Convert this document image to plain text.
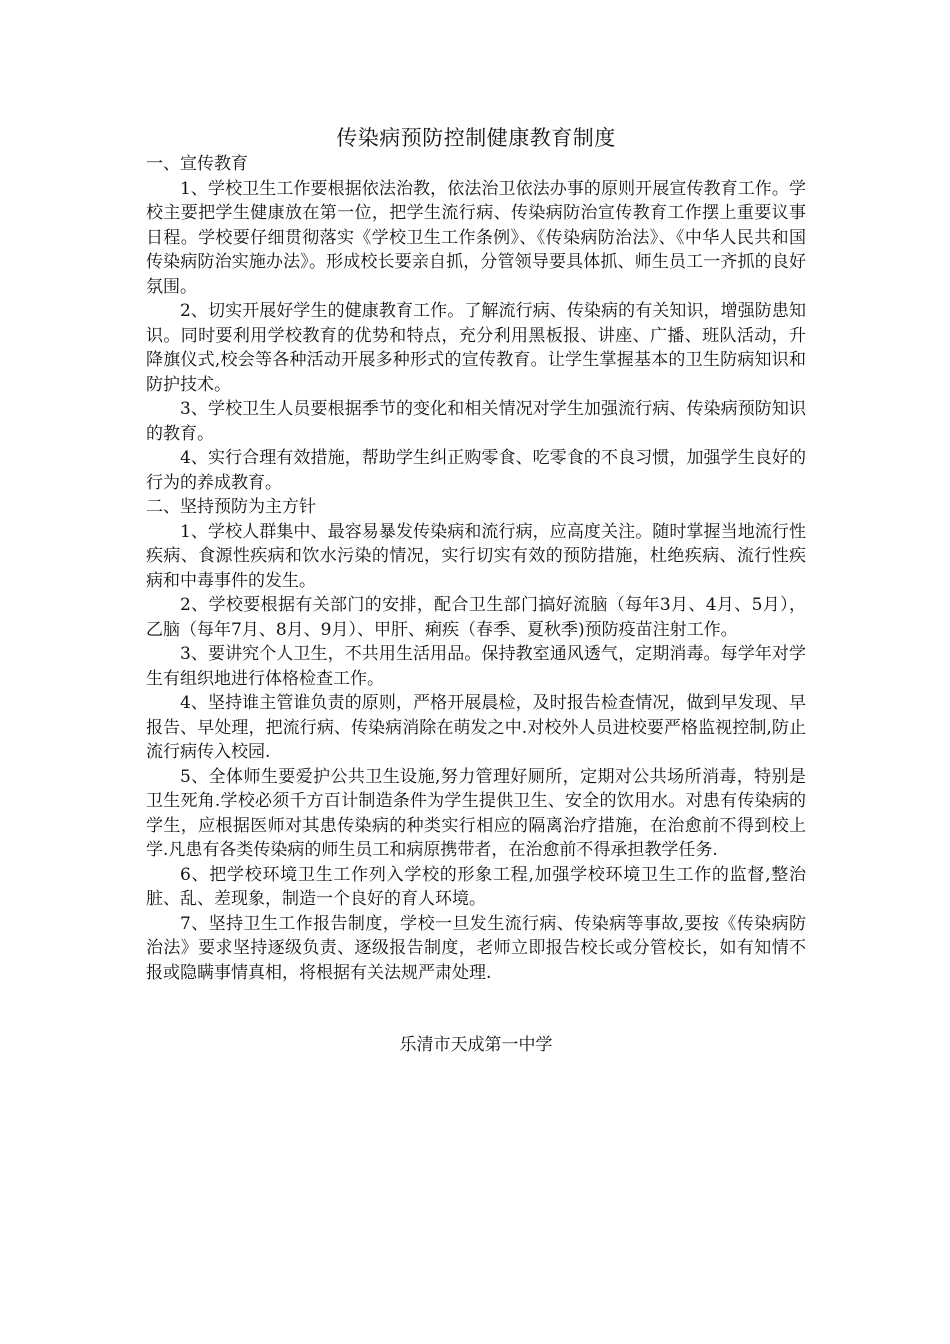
传染病预防控制健康教育制度

一、宣传教育

1、学校卫生工作要根据依法治教，依法治卫依法办事的原则开展宣传教育工作。学校主要把学生健康放在第一位，把学生流行病、传染病防治宣传教育工作摆上重要议事日程。学校要仔细贯彻落实《学校卫生工作条例》、《传染病防治法》、《中华人民共和国传染病防治实施办法》。形成校长要亲自抓，分管领导要具体抓、师生员工一齐抓的良好氛围。

2、切实开展好学生的健康教育工作。了解流行病、传染病的有关知识，增强防患知识。同时要利用学校教育的优势和特点，充分利用黑板报、讲座、广播、班队活动，升降旗仪式,校会等各种活动开展多种形式的宣传教育。让学生掌握基本的卫生防病知识和防护技术。

3、学校卫生人员要根据季节的变化和相关情况对学生加强流行病、传染病预防知识的教育。

4、实行合理有效措施，帮助学生纠正购零食、吃零食的不良习惯，加强学生良好的行为的养成教育。

二、坚持预防为主方针

1、学校人群集中、最容易暴发传染病和流行病，应高度关注。随时掌握当地流行性疾病、食源性疾病和饮水污染的情况，实行切实有效的预防措施，杜绝疾病、流行性疾病和中毒事件的发生。

2、学校要根据有关部门的安排，配合卫生部门搞好流脑（每年3月、4月、5月），乙脑（每年7月、8月、9月）、甲肝、痢疾（春季、夏秋季)预防疫苗注射工作。

3、要讲究个人卫生，不共用生活用品。保持教室通风透气，定期消毒。每学年对学生有组织地进行体格检查工作。

4、坚持谁主管谁负责的原则，严格开展晨检，及时报告检查情况，做到早发现、早报告、早处理，把流行病、传染病消除在萌发之中.对校外人员进校要严格监视控制,防止流行病传入校园.

5、全体师生要爱护公共卫生设施,努力管理好厕所，定期对公共场所消毒，特别是卫生死角.学校必须千方百计制造条件为学生提供卫生、安全的饮用水。对患有传染病的学生，应根据医师对其患传染病的种类实行相应的隔离治疗措施，在治愈前不得到校上学.凡患有各类传染病的师生员工和病原携带者，在治愈前不得承担教学任务.

6、把学校环境卫生工作列入学校的形象工程,加强学校环境卫生工作的监督,整治脏、乱、差现象，制造一个良好的育人环境。

7、坚持卫生工作报告制度，学校一旦发生流行病、传染病等事故,要按《传染病防治法》要求坚持逐级负责、逐级报告制度，老师立即报告校长或分管校长，如有知情不报或隐瞒事情真相，将根据有关法规严肃处理.

乐清市天成第一中学
